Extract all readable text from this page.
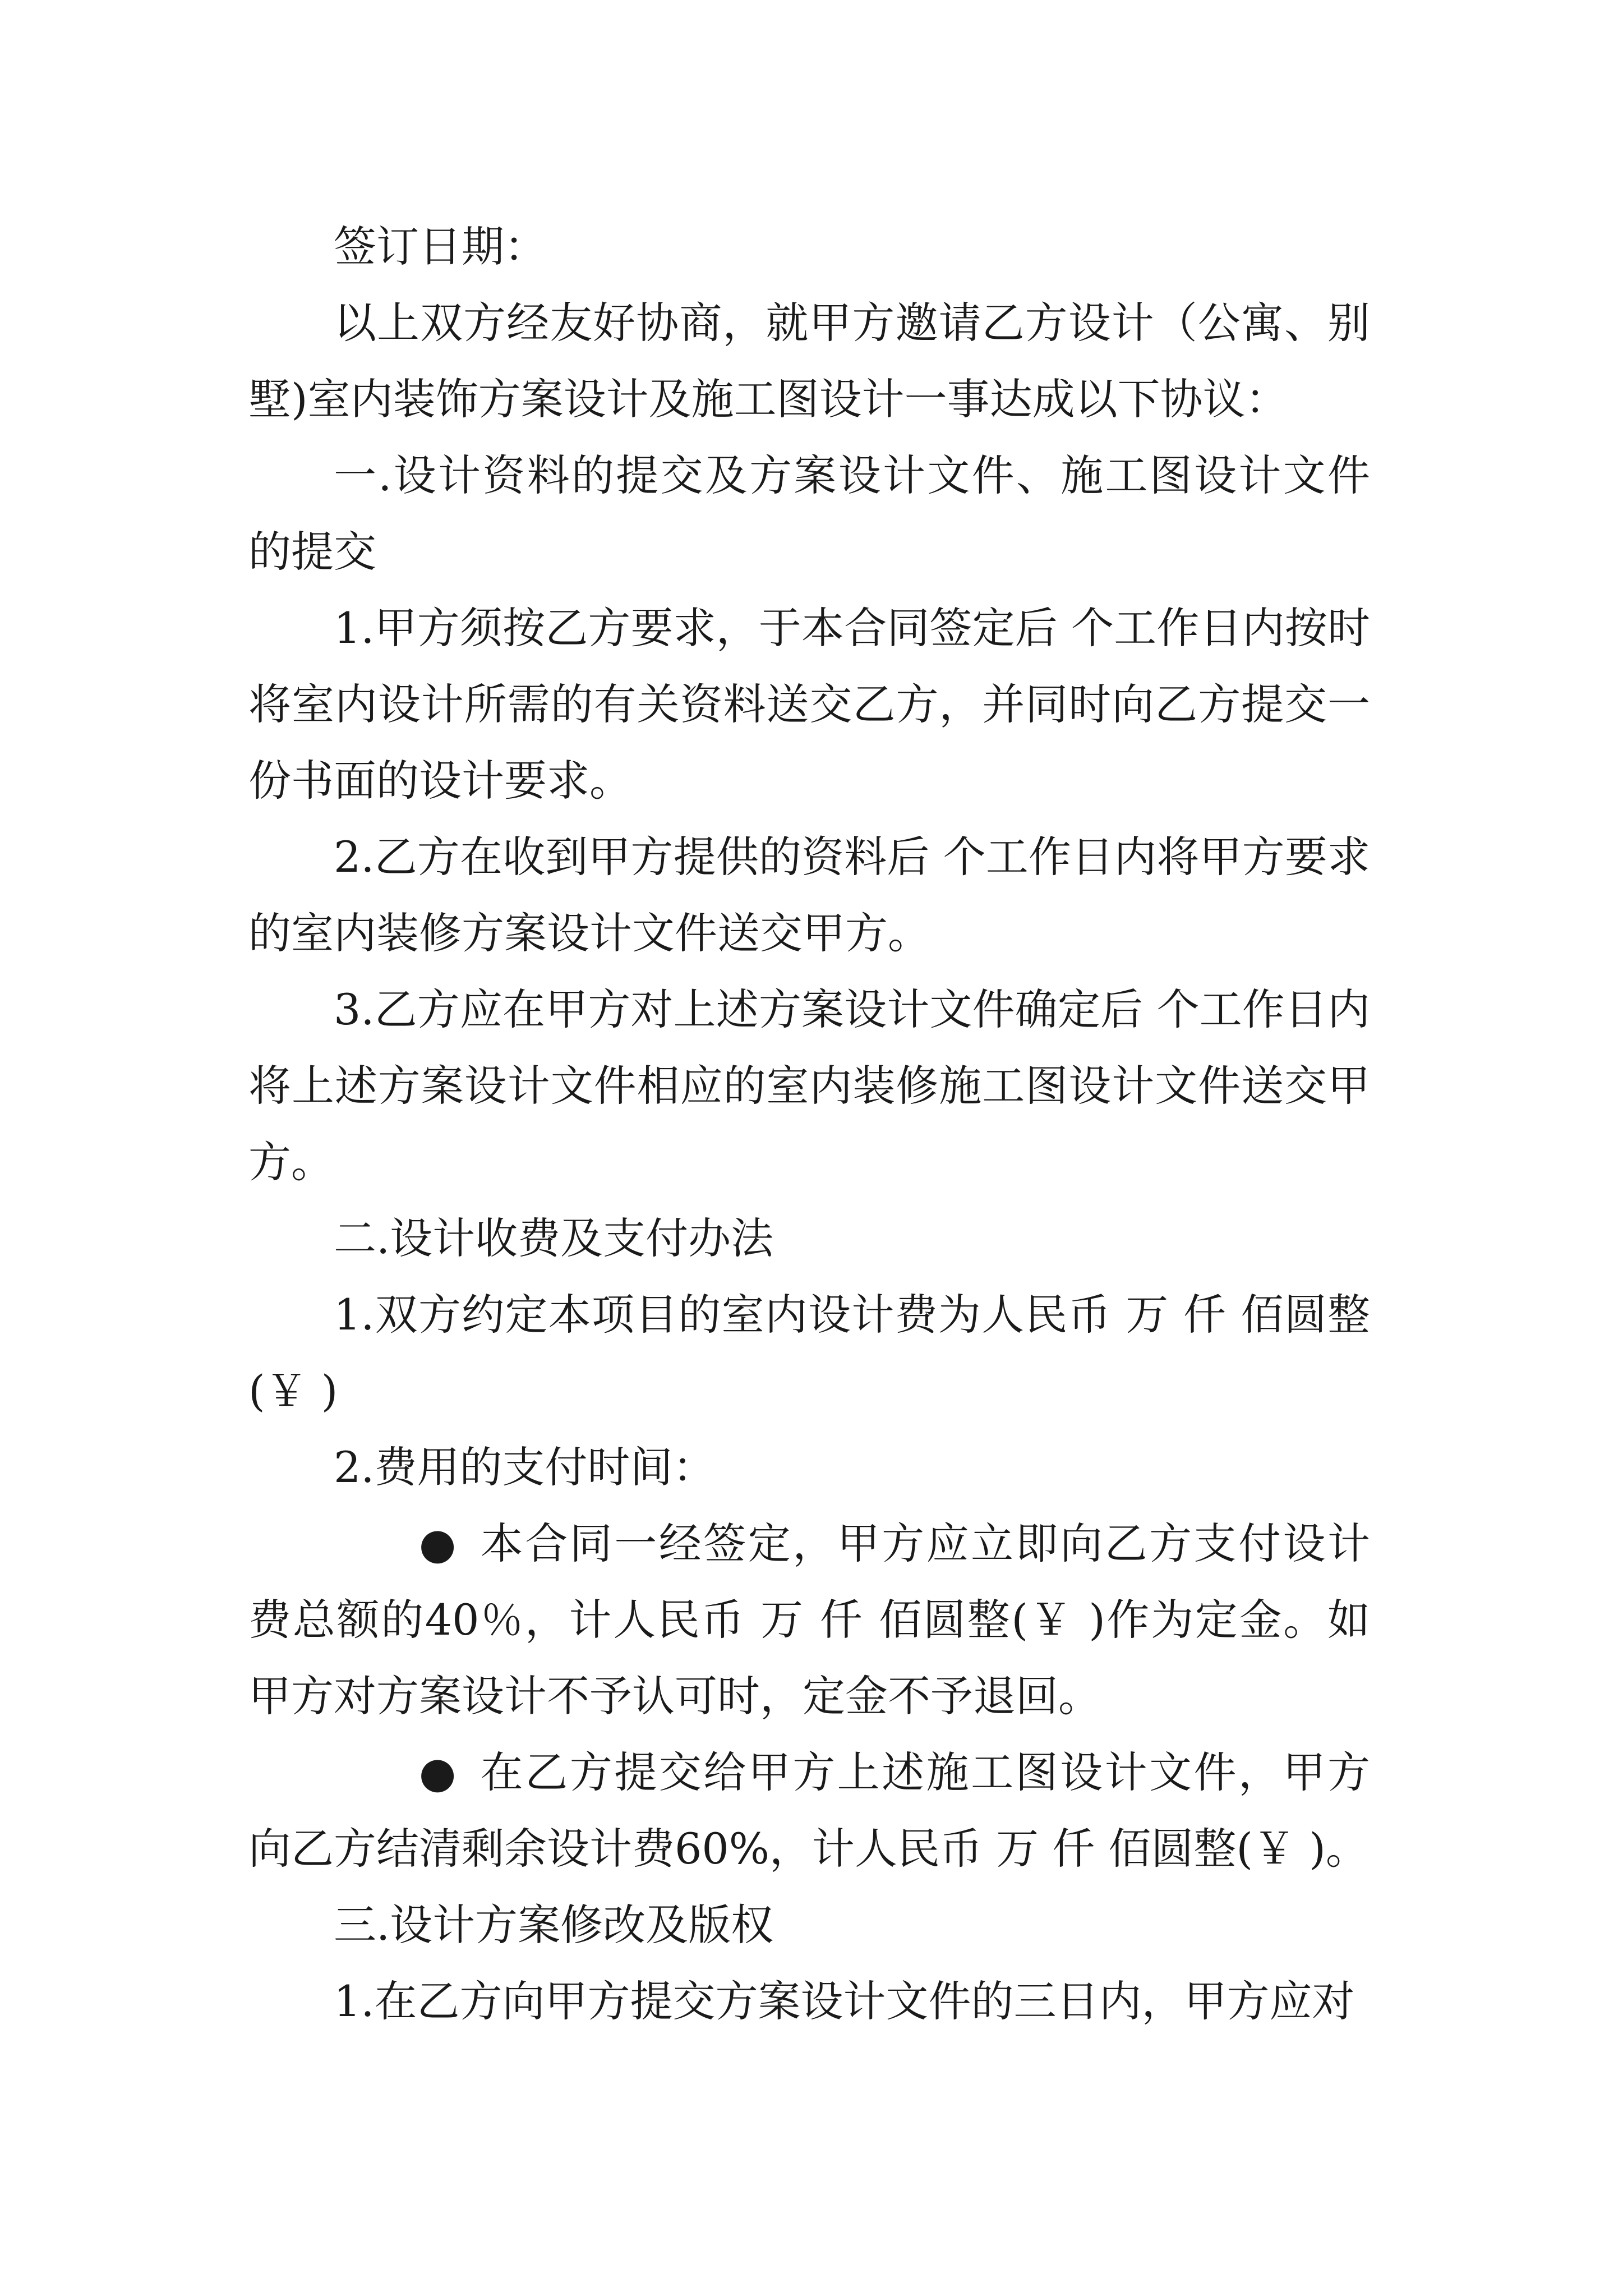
签订日期：

以上双方经友好协商，就甲方邀请乙方设计（公寓、别墅)室内装饰方案设计及施工图设计一事达成以下协议：

一.设计资料的提交及方案设计文件、施工图设计文件的提交

1.甲方须按乙方要求，于本合同签定后 个工作日内按时将室内设计所需的有关资料送交乙方，并同时向乙方提交一份书面的设计要求。

2.乙方在收到甲方提供的资料后 个工作日内将甲方要求的室内装修方案设计文件送交甲方。

3.乙方应在甲方对上述方案设计文件确定后 个工作日内将上述方案设计文件相应的室内装修施工图设计文件送交甲方。

二.设计收费及支付办法

1.双方约定本项目的室内设计费为人民币 万 仟 佰圆整(￥ )

2.费用的支付时间：

● 本合同一经签定，甲方应立即向乙方支付设计费总额的40％，计人民币 万 仟 佰圆整(￥ )作为定金。如甲方对方案设计不予认可时，定金不予退回。

● 在乙方提交给甲方上述施工图设计文件，甲方向乙方结清剩余设计费60%，计人民币 万 仟 佰圆整(￥ )。

三.设计方案修改及版权

1.在乙方向甲方提交方案设计文件的三日内，甲方应对
